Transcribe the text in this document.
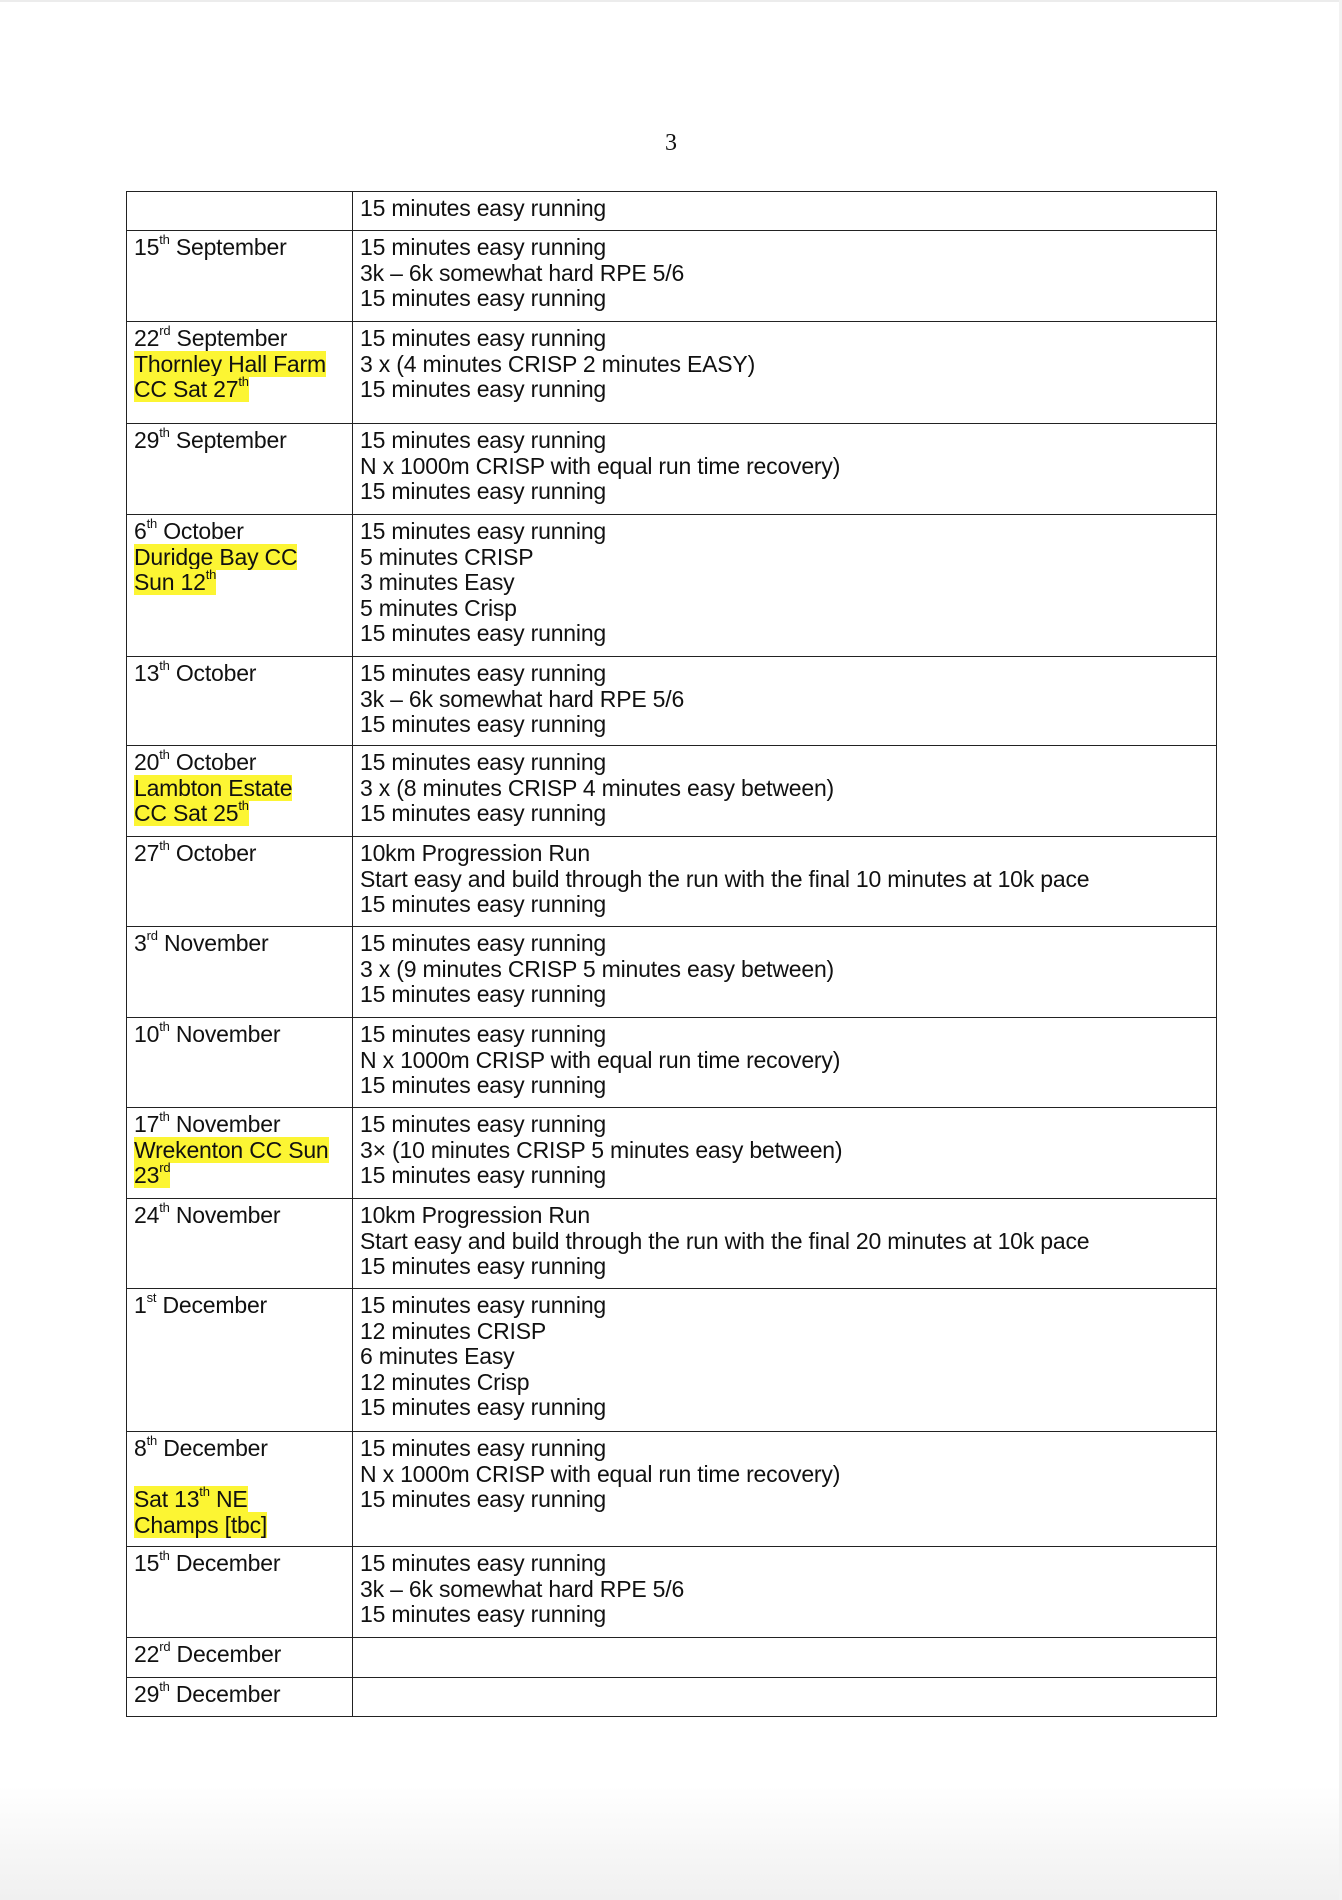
3

	15 minutes easy running

15th September	15 minutes easy running
3k – 6k somewhat hard RPE 5/6
15 minutes easy running

22rd September
Thornley Hall Farm
CC Sat 27th	15 minutes easy running
3 x (4 minutes CRISP 2 minutes EASY)
15 minutes easy running

29th September	15 minutes easy running
N x 1000m CRISP with equal run time recovery)
15 minutes easy running

6th October
Duridge Bay CC
Sun 12th	15 minutes easy running
5 minutes CRISP
3 minutes Easy
5 minutes Crisp
15 minutes easy running

13th October	15 minutes easy running
3k – 6k somewhat hard RPE 5/6
15 minutes easy running

20th October
Lambton Estate
CC Sat 25th	15 minutes easy running
3 x (8 minutes CRISP 4 minutes easy between)
15 minutes easy running

27th October	10km Progression Run
Start easy and build through the run with the final 10 minutes at 10k pace
15 minutes easy running

3rd November	15 minutes easy running
3 x (9 minutes CRISP 5 minutes easy between)
15 minutes easy running

10th November	15 minutes easy running
N x 1000m CRISP with equal run time recovery)
15 minutes easy running

17th November
Wrekenton CC Sun
23rd	15 minutes easy running
3× (10 minutes CRISP 5 minutes easy between)
15 minutes easy running

24th November	10km Progression Run
Start easy and build through the run with the final 20 minutes at 10k pace
15 minutes easy running

1st December	15 minutes easy running
12 minutes CRISP
6 minutes Easy
12 minutes Crisp
15 minutes easy running

8th December
Sat 13th NE
Champs [tbc]	15 minutes easy running
N x 1000m CRISP with equal run time recovery)
15 minutes easy running

15th December	15 minutes easy running
3k – 6k somewhat hard RPE 5/6
15 minutes easy running

22rd December	

29th December	
